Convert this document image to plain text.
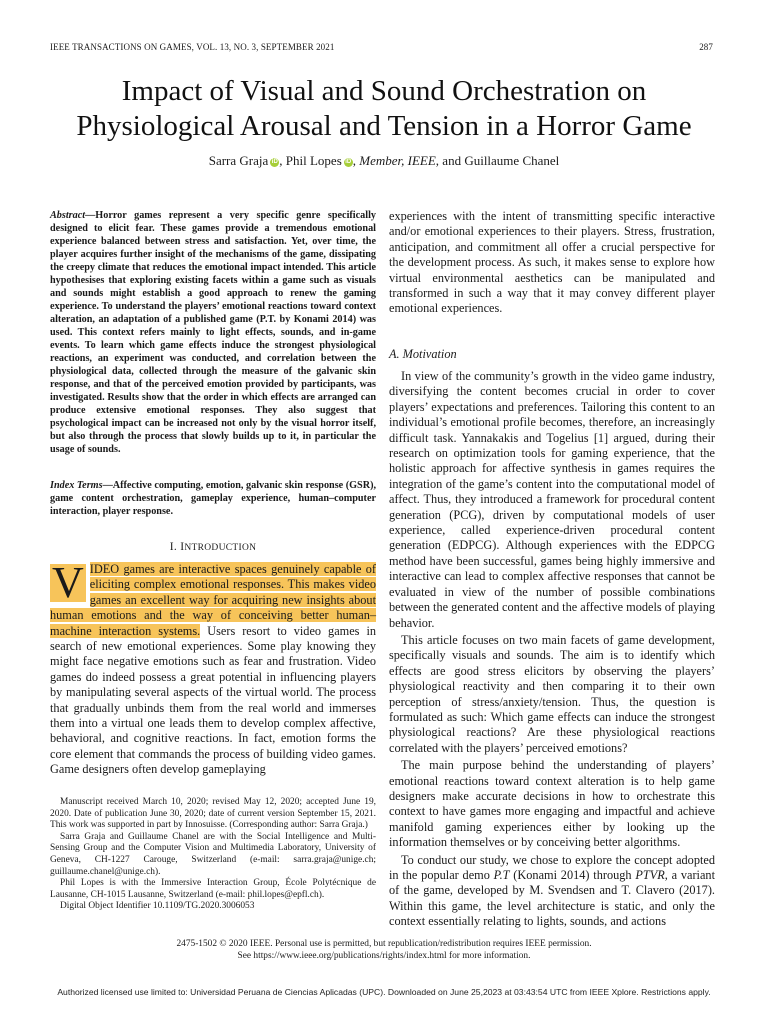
IEEE TRANSACTIONS ON GAMES, VOL. 13, NO. 3, SEPTEMBER 2021	287
Impact of Visual and Sound Orchestration on Physiological Arousal and Tension in a Horror Game
Sarra Graja iD , Phil Lopes iD , Member, IEEE, and Guillaume Chanel
Abstract—Horror games represent a very specific genre specifically designed to elicit fear. These games provide a tremendous emotional experience balanced between stress and satisfaction. Yet, over time, the player acquires further insight of the mechanisms of the game, dissipating the creepy climate that reduces the emotional impact intended. This article hypothesises that exploring existing facets within a game such as visuals and sounds might establish a good approach to renew the gaming experience. To understand the players’ emotional reactions toward context alteration, an adaptation of a published game (P.T. by Konami 2014) was used. This context refers mainly to light effects, sounds, and in-game events. To learn which game effects induce the strongest physiological reactions, an experiment was conducted, and correlation between the physiological data, collected through the measure of the galvanic skin response, and that of the perceived emotion provided by participants, was investigated. Results show that the order in which effects are arranged can produce extensive emotional responses. They also suggest that psychological impact can be increased not only by the visual horror itself, but also through the process that slowly builds up to it, in particular the usage of sounds.
Index Terms—Affective computing, emotion, galvanic skin response (GSR), game content orchestration, gameplay experience, human–computer interaction, player response.
I. INTRODUCTION
V IDEO games are interactive spaces genuinely capable of eliciting complex emotional responses. This makes video games an excellent way for acquiring new insights about human emotions and the way of conceiving better human–machine interaction systems. Users resort to video games in search of new emotional experiences. Some play knowing they might face negative emotions such as fear and frustration. Video games do indeed possess a great potential in influencing players by manipulating several aspects of the virtual world. The process that gradually unbinds them from the real world and immerses them into a virtual one leads them to develop complex affective, behavioral, and cognitive reactions. In fact, emotion forms the core element that commands the process of building video games. Game designers often develop gameplaying

Manuscript received March 10, 2020; revised May 12, 2020; accepted June 19, 2020. Date of publication June 30, 2020; date of current version September 15, 2021. This work was supported in part by Innosuisse. (Corresponding author: Sarra Graja.)

Sarra Graja and Guillaume Chanel are with the Social Intelligence and Multi-Sensing Group and the Computer Vision and Multimedia Laboratory, University of Geneva, CH-1227 Carouge, Switzerland (e-mail: sarra.graja@unige.ch; guillaume.chanel@unige.ch).

Phil Lopes is with the Immersive Interaction Group, École Polytécnique de Lausanne, CH-1015 Lausanne, Switzerland (e-mail: phil.lopes@epfl.ch).

Digital Object Identifier 10.1109/TG.2020.3006053

experiences with the intent of transmitting specific interactive and/or emotional experiences to their players. Stress, frustration, anticipation, and commitment all offer a crucial perspective for the development process. As such, it makes sense to explore how virtual environmental aesthetics can be manipulated and transformed in such a way that it may convey different player emotional experiences.
A. Motivation

In view of the community’s growth in the video game industry, diversifying the content becomes crucial in order to cover players’ expectations and preferences. Tailoring this content to an individual’s emotional profile becomes, therefore, an increasingly difficult task. Yannakakis and Togelius [1] argued, during their research on optimization tools for gaming experience, that the holistic approach for affective synthesis in games requires the integration of the game’s content into the computational model of affect. Thus, they introduced a framework for procedural content generation (PCG), driven by computational models of user experience, called experience-driven procedural content generation (EDPCG). Although experiences with the EDPCG method have been successful, games being highly immersive and interactive can lead to complex affective responses that cannot be evaluated in view of the number of possible combinations between the generated content and the affective models of playing behavior.

This article focuses on two main facets of game development, specifically visuals and sounds. The aim is to identify which effects are good stress elicitors by observing the players’ physiological reactivity and then comparing it to their own perception of stress/anxiety/tension. Thus, the question is formulated as such: Which game effects can induce the strongest physiological reactions? Are these physiological reactions correlated with the players’ perceived emotions?

The main purpose behind the understanding of players’ emotional reactions toward context alteration is to help game designers make accurate decisions in how to orchestrate this context to have games more engaging and impactful and achieve manifold gaming experiences either by looking up the information themselves or by conceiving better algorithms.

To conduct our study, we chose to explore the concept adopted in the popular demo P.T (Konami 2014) through PTVR, a variant of the game, developed by M. Svendsen and T. Clavero (2017). Within this game, the level architecture is static, and only the context essentially relating to lights, sounds, and actions

2475-1502 © 2020 IEEE. Personal use is permitted, but republication/redistribution requires IEEE permission.
See https://www.ieee.org/publications/rights/index.html for more information.
Authorized licensed use limited to: Universidad Peruana de Ciencias Aplicadas (UPC). Downloaded on June 25,2023 at 03:43:54 UTC from IEEE Xplore. Restrictions apply.
